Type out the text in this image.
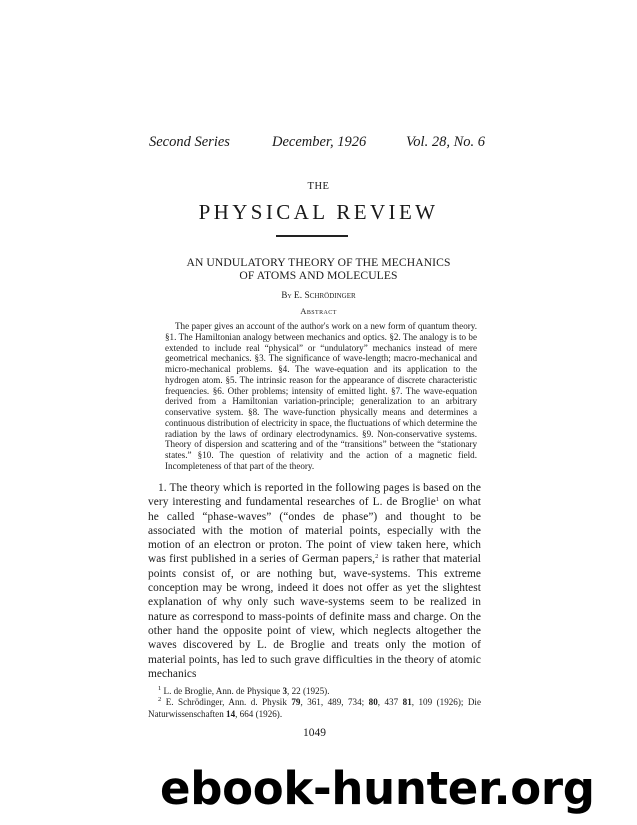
Second Series	December, 1926	Vol. 28, No. 6
THE
PHYSICAL REVIEW
AN UNDULATORY THEORY OF THE MECHANICS
OF ATOMS AND MOLECULES
By E. Schrödinger
Abstract
The paper gives an account of the author's work on a new form of quantum theory. §1. The Hamiltonian analogy between mechanics and optics. §2. The analogy is to be extended to include real “physical” or “undulatory” mechanics instead of mere geometrical mechanics. §3. The significance of wave-length; macro-mechanical and micro-mechanical problems. §4. The wave-equation and its application to the hydrogen atom. §5. The intrinsic reason for the appearance of discrete characteristic frequencies. §6. Other problems; intensity of emitted light. §7. The wave-equation derived from a Hamiltonian variation-principle; generalization to an arbitrary conservative system. §8. The wave-function physically means and determines a continuous distribution of electricity in space, the fluctuations of which determine the radiation by the laws of ordinary electrodynamics. §9. Non-conservative systems. Theory of dispersion and scattering and of the “transitions” between the “stationary states.” §10. The question of relativity and the action of a magnetic field. Incompleteness of that part of the theory.
1. The theory which is reported in the following pages is based on the very interesting and fundamental researches of L. de Broglie$^1$ on what he called “phase-waves” (“ondes de phase”) and thought to be associated with the motion of material points, especially with the motion of an electron or proton. The point of view taken here, which was first published in a series of German papers,$^2$ is rather that material points consist of, or are nothing but, wave-systems. This extreme conception may be wrong, indeed it does not offer as yet the slightest explanation of why only such wave-systems seem to be realized in nature as correspond to mass-points of definite mass and charge. On the other hand the opposite point of view, which neglects altogether the waves discovered by L. de Broglie and treats only the motion of material points, has led to such grave difficulties in the theory of atomic mechanics
$^1$ L. de Broglie, Ann. de Physique 3, 22 (1925).
$^2$ E. Schrödinger, Ann. d. Physik 79, 361, 489, 734; 80, 437 81, 109 (1926); Die Naturwissenschaften 14, 664 (1926).
1049
ebook-hunter.org
